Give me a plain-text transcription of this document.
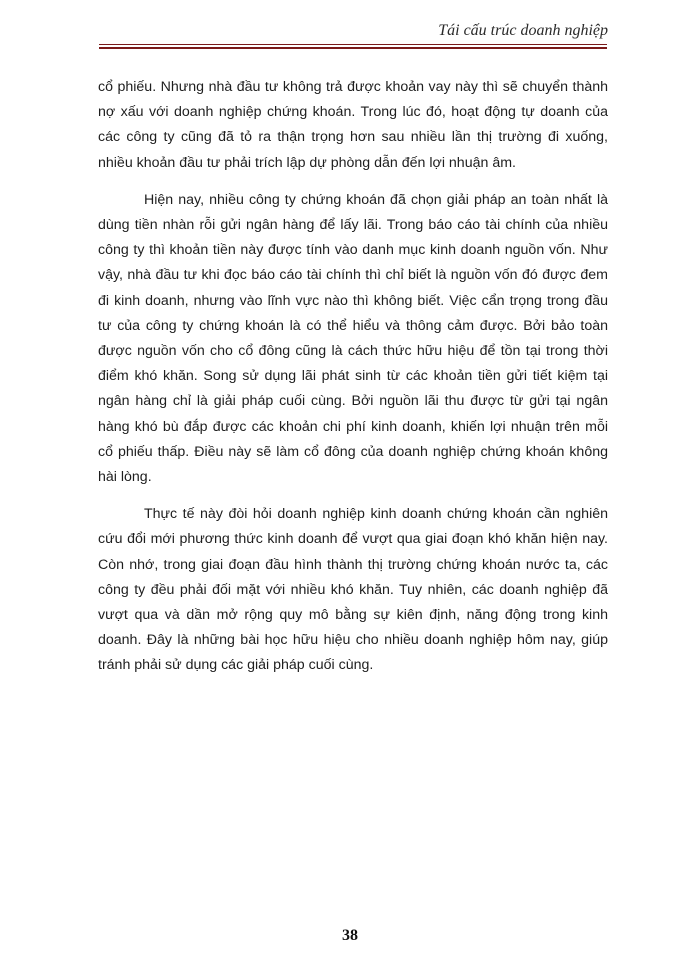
Tái cấu trúc doanh nghiệp

cổ phiếu. Nhưng nhà đầu tư không trả được khoản vay này thì sẽ chuyển thành nợ xấu với doanh nghiệp chứng khoán. Trong lúc đó, hoạt động tự doanh của các công ty cũng đã tỏ ra thận trọng hơn sau nhiều lần thị trường đi xuống, nhiều khoản đầu tư phải trích lập dự phòng dẫn đến lợi nhuận âm.

Hiện nay, nhiều công ty chứng khoán đã chọn giải pháp an toàn nhất là dùng tiền nhàn rỗi gửi ngân hàng để lấy lãi. Trong báo cáo tài chính của nhiều công ty thì khoản tiền này được tính vào danh mục kinh doanh nguồn vốn. Như vậy, nhà đầu tư khi đọc báo cáo tài chính thì chỉ biết là nguồn vốn đó được đem đi kinh doanh, nhưng vào lĩnh vực nào thì không biết. Việc cẩn trọng trong đầu tư của công ty chứng khoán là có thể hiểu và thông cảm được. Bởi bảo toàn được nguồn vốn cho cổ đông cũng là cách thức hữu hiệu để tồn tại trong thời điểm khó khăn. Song sử dụng lãi phát sinh từ các khoản tiền gửi tiết kiệm tại ngân hàng chỉ là giải pháp cuối cùng. Bởi nguồn lãi thu được từ gửi tại ngân hàng khó bù đắp được các khoản chi phí kinh doanh, khiến lợi nhuận trên mỗi cổ phiếu thấp. Điều này sẽ làm cổ đông của doanh nghiệp chứng khoán không hài lòng.

Thực tế này đòi hỏi doanh nghiệp kinh doanh chứng khoán cần nghiên cứu đổi mới phương thức kinh doanh để vượt qua giai đoạn khó khăn hiện nay. Còn nhớ, trong giai đoạn đầu hình thành thị trường chứng khoán nước ta, các công ty đều phải đối mặt với nhiều khó khăn. Tuy nhiên, các doanh nghiệp đã vượt qua và dần mở rộng quy mô bằng sự kiên định, năng động trong kinh doanh. Đây là những bài học hữu hiệu cho nhiều doanh nghiệp hôm nay, giúp tránh phải sử dụng các giải pháp cuối cùng.

38
